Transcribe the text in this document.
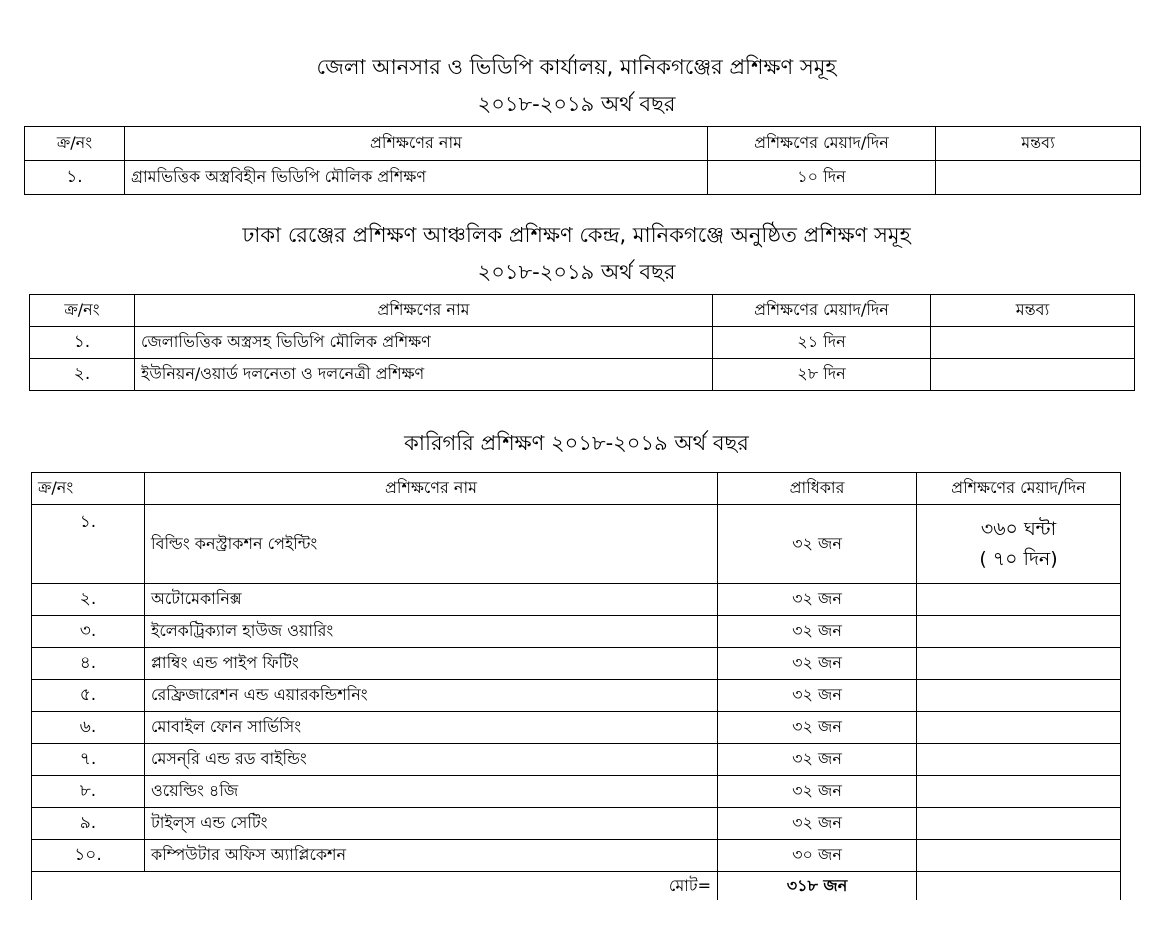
জেলা আনসার ও ভিডিপি কার্যালয়, মানিকগঞ্জের প্রশিক্ষণ সমূহ
২০১৮-২০১৯ অর্থ বছর
ক্র/নং	প্রশিক্ষণের নাম	প্রশিক্ষণের মেয়াদ/দিন	মন্তব্য
১.	গ্রামভিত্তিক অস্ত্রবিহীন ভিডিপি মৌলিক প্রশিক্ষণ	১০ দিন	
ঢাকা রেঞ্জের প্রশিক্ষণ আঞ্চলিক প্রশিক্ষণ কেন্দ্র, মানিকগঞ্জে অনুষ্ঠিত প্রশিক্ষণ সমূহ
২০১৮-২০১৯ অর্থ বছর
ক্র/নং	প্রশিক্ষণের নাম	প্রশিক্ষণের মেয়াদ/দিন	মন্তব্য
১.	জেলাভিত্তিক অস্ত্রসহ ভিডিপি মৌলিক প্রশিক্ষণ	২১ দিন	
২.	ইউনিয়ন/ওয়ার্ড দলনেতা ও দলনেত্রী প্রশিক্ষণ	২৮ দিন	
কারিগরি প্রশিক্ষণ ২০১৮-২০১৯ অর্থ বছর
ক্র/নং	প্রশিক্ষণের নাম	প্রাধিকার	প্রশিক্ষণের মেয়াদ/দিন
১.	বিল্ডিং কনস্ট্রাকশন পেইন্টিং	৩২ জন	৩৬০ ঘন্টা
( ৭০ দিন)

২.	অটোমেকানিক্স	৩২ জন	
৩.	ইলেকট্রিক্যাল হাউজ ওয়ারিং	৩২ জন	
৪.	প্লাম্বিং এন্ড পাইপ ফিটিং	৩২ জন	
৫.	রেফ্রিজারেশন এন্ড এয়ারকন্ডিশনিং	৩২ জন	
৬.	মোবাইল ফোন সার্ভিসিং	৩২ জন	
৭.	মেসন্‌রি এন্ড রড বাইন্ডিং	৩২ জন	
৮.	ওয়েল্ডিং ৪জি	৩২ জন	
৯.	টাইল্‌স এন্ড সেটিং	৩২ জন	
১০.	কম্পিউটার অফিস অ্যাপ্লিকেশন	৩০ জন	
মোট=		৩১৮ জন	
